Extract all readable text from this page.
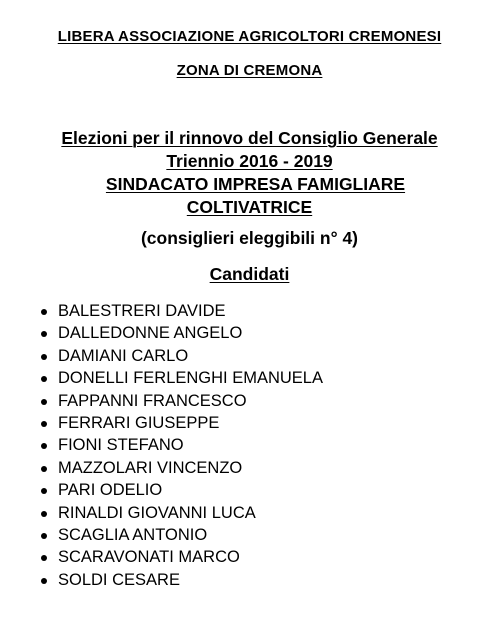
LIBERA ASSOCIAZIONE AGRICOLTORI CREMONESI
ZONA DI CREMONA
Elezioni per il rinnovo del Consiglio Generale
Triennio 2016 - 2019
SINDACATO IMPRESA FAMIGLIARE
COLTIVATRICE
(consiglieri eleggibili n° 4)
Candidati
BALESTRERI DAVIDE
DALLEDONNE ANGELO
DAMIANI CARLO
DONELLI FERLENGHI EMANUELA
FAPPANNI FRANCESCO
FERRARI GIUSEPPE
FIONI STEFANO
MAZZOLARI VINCENZO
PARI ODELIO
RINALDI GIOVANNI LUCA
SCAGLIA ANTONIO
SCARAVONATI MARCO
SOLDI CESARE
